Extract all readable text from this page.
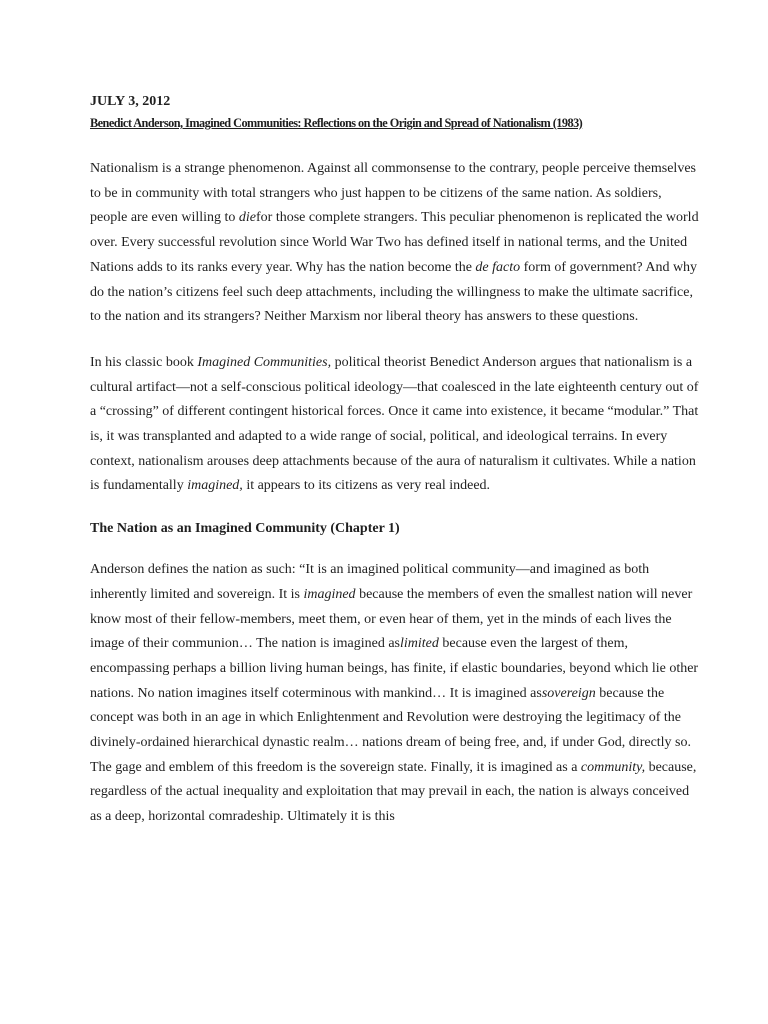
JULY 3, 2012

Benedict Anderson, Imagined Communities: Reflections on the Origin and Spread of Nationalism (1983)

Nationalism is a strange phenomenon. Against all commonsense to the contrary, people perceive themselves to be in community with total strangers who just happen to be citizens of the same nation. As soldiers, people are even willing to diefor those complete strangers. This peculiar phenomenon is replicated the world over. Every successful revolution since World War Two has defined itself in national terms, and the United Nations adds to its ranks every year. Why has the nation become the de facto form of government? And why do the nation’s citizens feel such deep attachments, including the willingness to make the ultimate sacrifice, to the nation and its strangers? Neither Marxism nor liberal theory has answers to these questions.

In his classic book Imagined Communities, political theorist Benedict Anderson argues that nationalism is a cultural artifact—not a self-conscious political ideology—that coalesced in the late eighteenth century out of a “crossing” of different contingent historical forces. Once it came into existence, it became “modular.” That is, it was transplanted and adapted to a wide range of social, political, and ideological terrains. In every context, nationalism arouses deep attachments because of the aura of naturalism it cultivates. While a nation is fundamentally imagined, it appears to its citizens as very real indeed.

The Nation as an Imagined Community (Chapter 1)

Anderson defines the nation as such: “It is an imagined political community—and imagined as both inherently limited and sovereign. It is imagined because the members of even the smallest nation will never know most of their fellow-members, meet them, or even hear of them, yet in the minds of each lives the image of their communion… The nation is imagined aslimited because even the largest of them, encompassing perhaps a billion living human beings, has finite, if elastic boundaries, beyond which lie other nations. No nation imagines itself coterminous with mankind… It is imagined assovereign because the concept was both in an age in which Enlightenment and Revolution were destroying the legitimacy of the divinely-ordained hierarchical dynastic realm… nations dream of being free, and, if under God, directly so. The gage and emblem of this freedom is the sovereign state. Finally, it is imagined as a community, because, regardless of the actual inequality and exploitation that may prevail in each, the nation is always conceived as a deep, horizontal comradeship. Ultimately it is this
